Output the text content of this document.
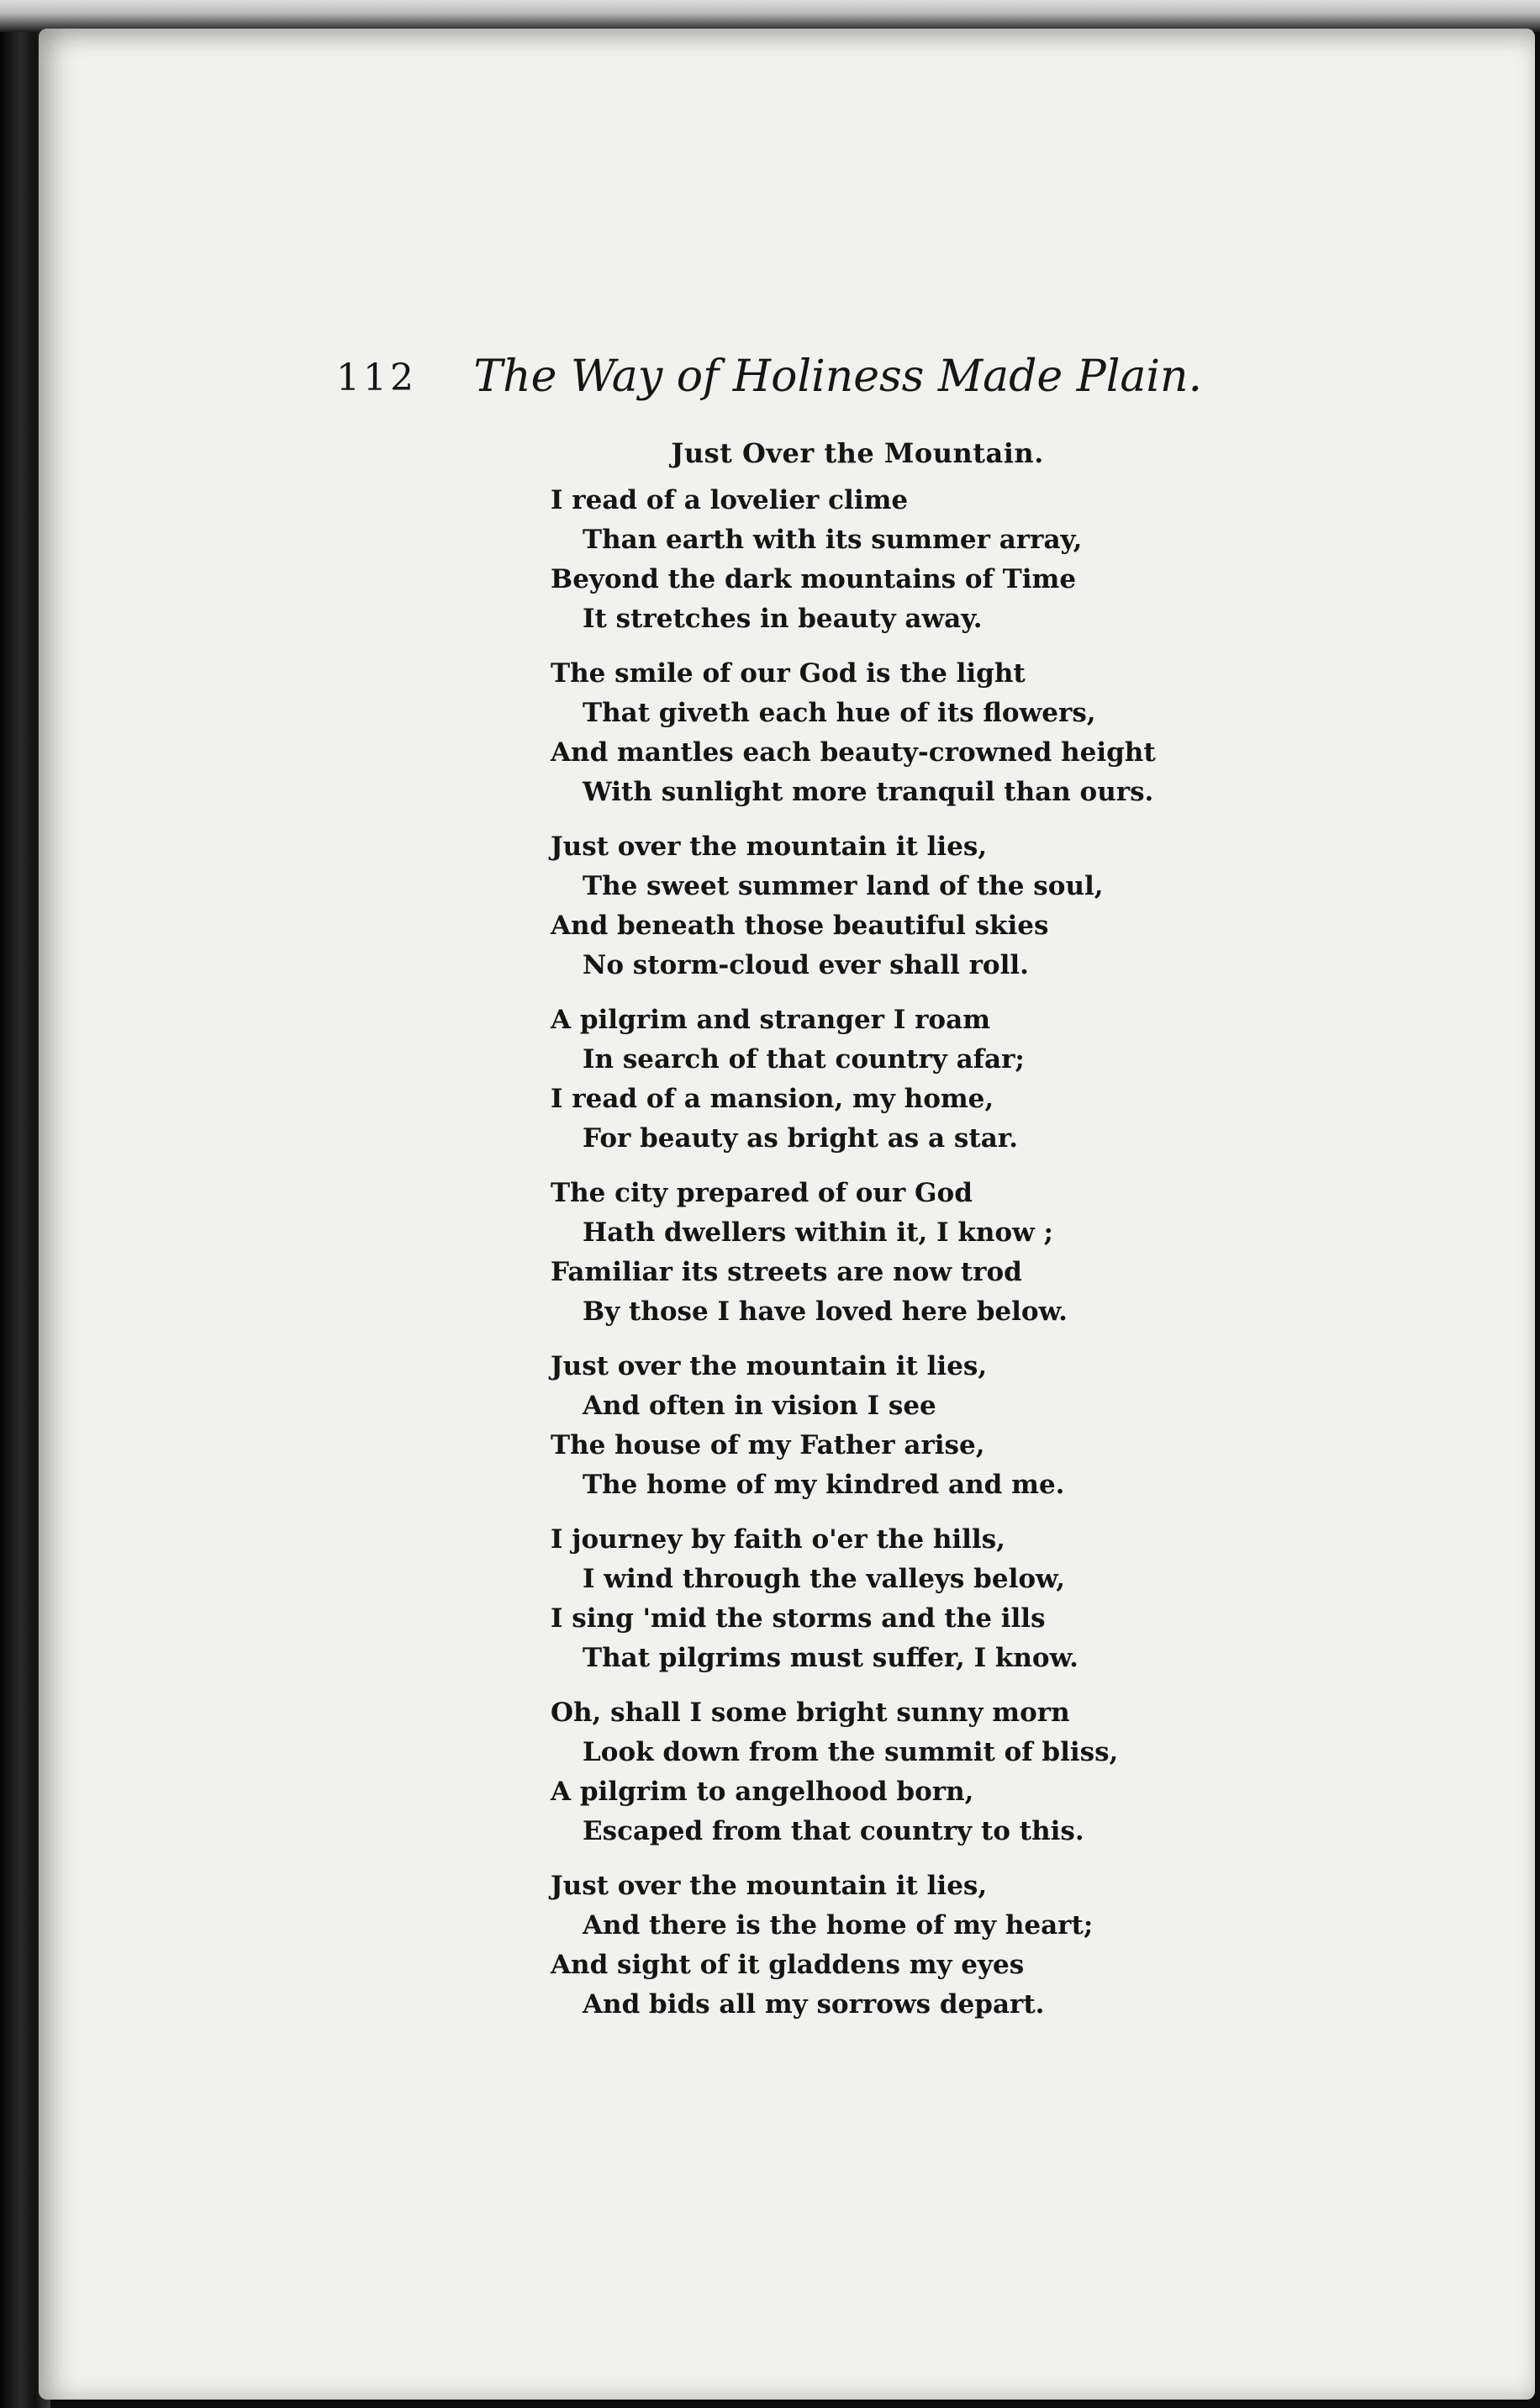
112 The Way of Holiness Made Plain.
Just Over the Mountain.
I read of a lovelier clime
Than earth with its summer array,
Beyond the dark mountains of Time
It stretches in beauty away.
The smile of our God is the light
That giveth each hue of its flowers,
And mantles each beauty-crowned height
With sunlight more tranquil than ours.
Just over the mountain it lies,
The sweet summer land of the soul,
And beneath those beautiful skies
No storm-cloud ever shall roll.
A pilgrim and stranger I roam
In search of that country afar;
I read of a mansion, my home,
For beauty as bright as a star.
The city prepared of our God
Hath dwellers within it, I know ;
Familiar its streets are now trod
By those I have loved here below.
Just over the mountain it lies,
And often in vision I see
The house of my Father arise,
The home of my kindred and me.
I journey by faith o'er the hills,
I wind through the valleys below,
I sing 'mid the storms and the ills
That pilgrims must suffer, I know.
Oh, shall I some bright sunny morn
Look down from the summit of bliss,
A pilgrim to angelhood born,
Escaped from that country to this.
Just over the mountain it lies,
And there is the home of my heart;
And sight of it gladdens my eyes
And bids all my sorrows depart.
